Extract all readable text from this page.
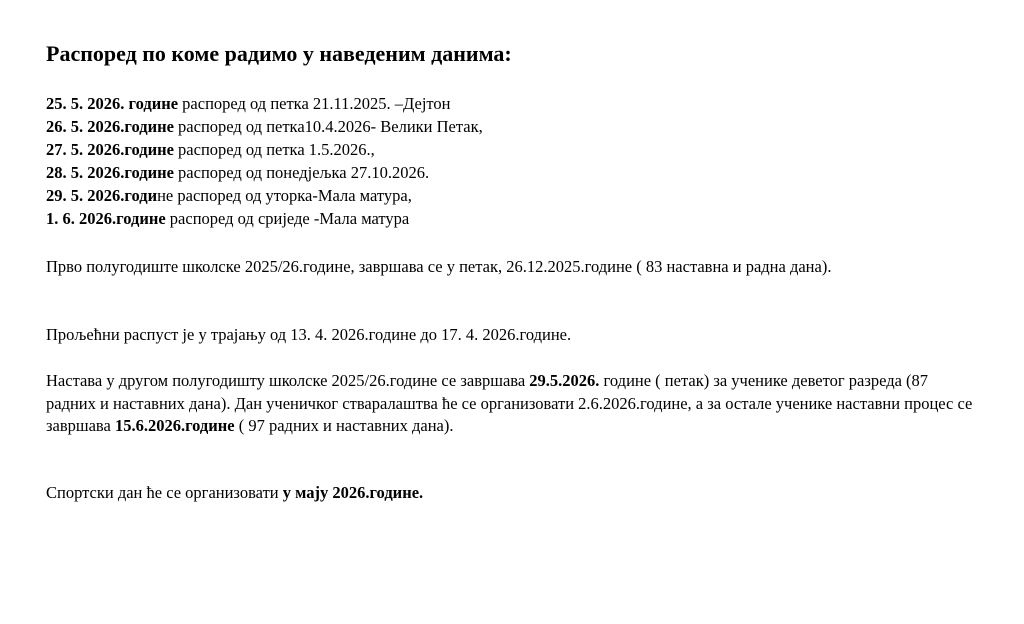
Распоред по коме радимо у наведеним данима:
25. 5. 2026. године распоред од петка 21.11.2025. –Дејтон
26. 5. 2026.године распоред од петка10.4.2026- Велики Петак,
27. 5. 2026.године распоред од петка 1.5.2026.,
28. 5. 2026.године распоред од понедјељка 27.10.2026.
29. 5. 2026.године распоред од уторка-Мала матура,
1. 6. 2026.године распоред од сриједе -Мала матура

Прво полугодиште школске 2025/26.године, завршава се у петак, 26.12.2025.године ( 83 наставна и радна дана).

Прољећни распуст је у трајању од 13. 4. 2026.године до 17. 4. 2026.године.

Настава у другом полугодишту школске 2025/26.године се завршава 29.5.2026. године ( петак) за ученике деветог разреда (87 радних и наставних дана). Дан ученичког стваралаштва ће се организовати 2.6.2026.године, а за остале ученике наставни процес се завршава 15.6.2026.године ( 97 радних и наставних дана).

Спортски дан ће се организовати у мају 2026.године.
